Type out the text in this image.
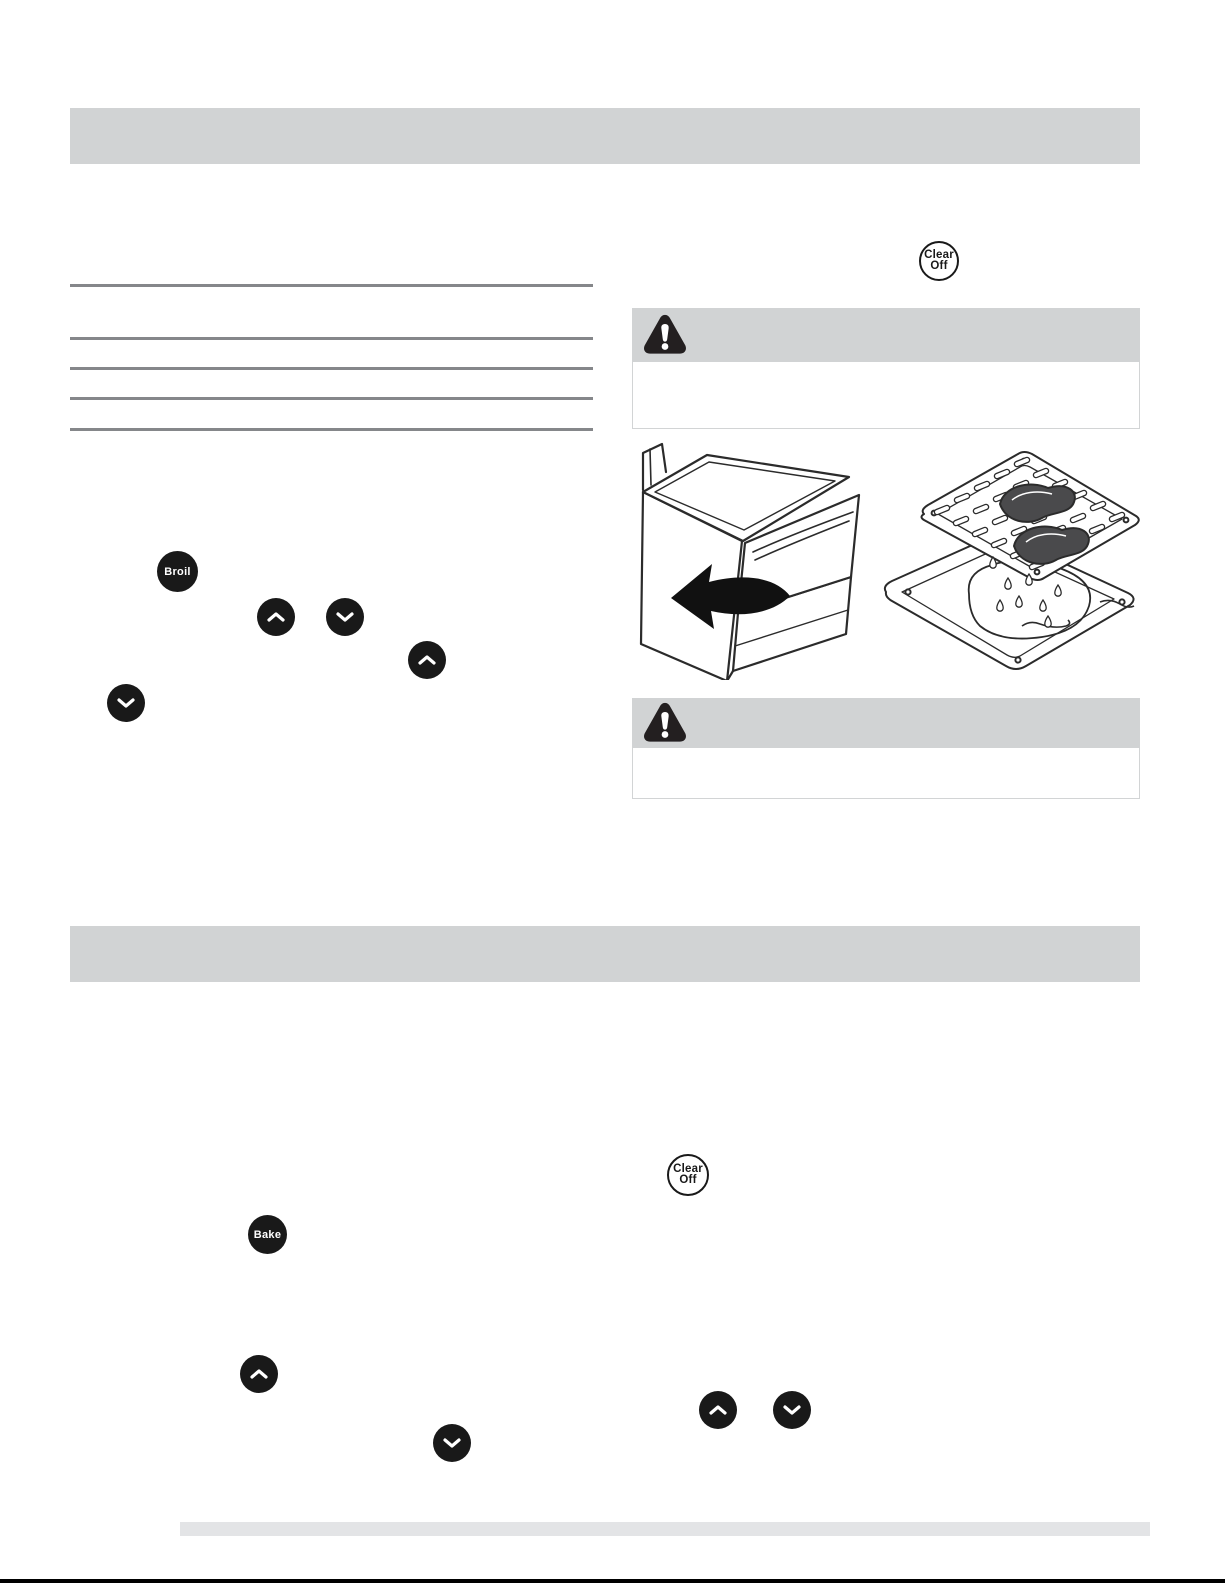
Clear
Off
Broil
Clear
Off
Bake
